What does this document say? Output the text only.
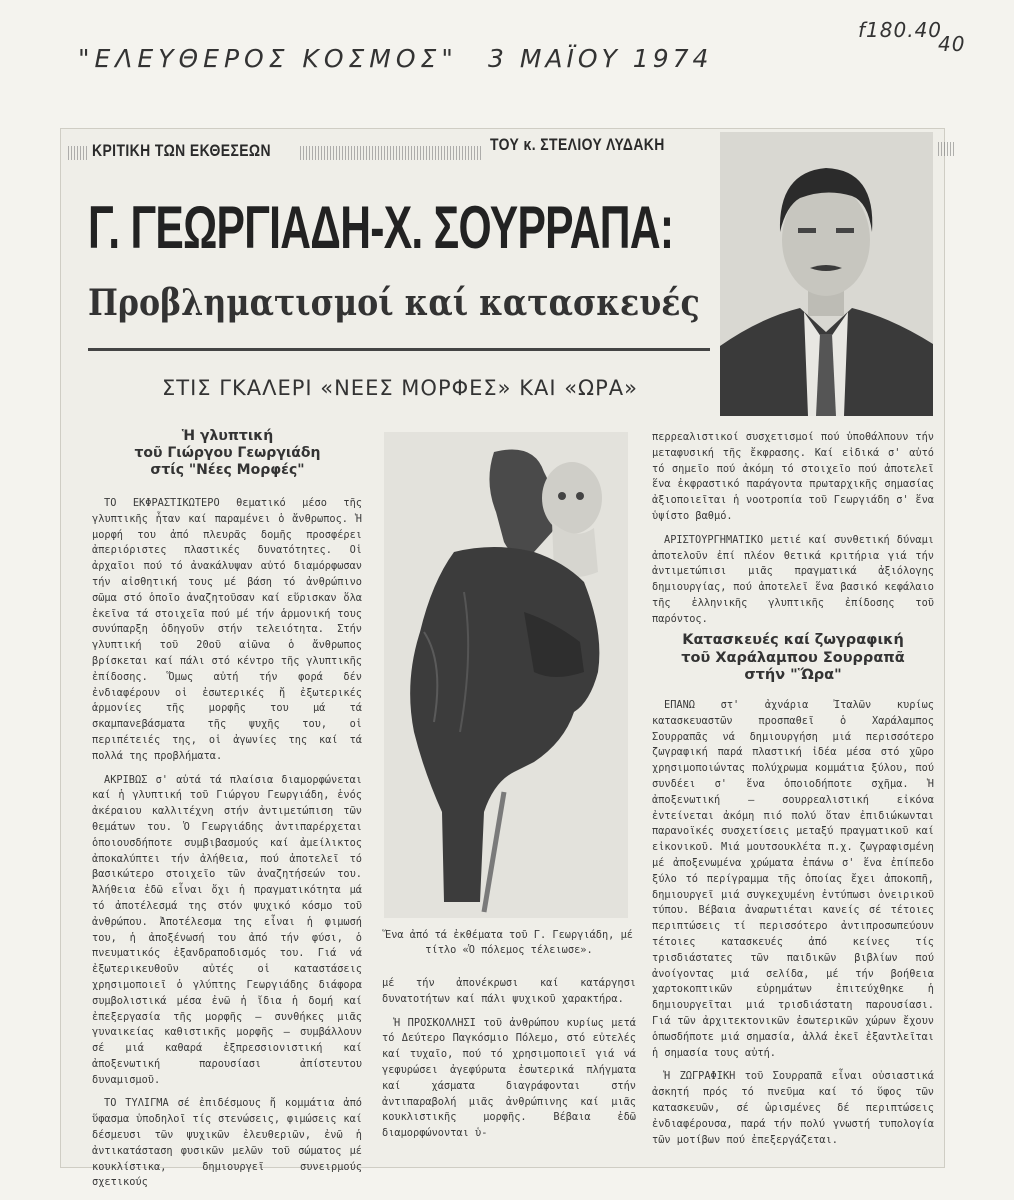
"ΕΛΕΥΘΕΡΟΣ ΚΟΣΜΟΣ" 3 ΜΑΪΟΥ 1974
f180.40
40
ΚΡΙΤΙΚΗ ΤΩΝ ΕΚΘΕΣΕΩΝ	ΤΟΥ κ. ΣΤΕΛΙΟΥ ΛΥΔΑΚΗ
Γ. ΓΕΩΡΓΙΑΔΗ-Χ. ΣΟΥΡΡΑΠΑ:
Προβληματισμοί καί κατασκευές
ΣΤΙΣ ΓΚΑΛΕΡΙ «ΝΕΕΣ ΜΟΡΦΕΣ» ΚΑΙ «ΩΡΑ»
Ἕνα ἀπό τά ἐκθέματα τοῦ Γ. Γεωργιάδη, μέ τίτλο «Ὁ πόλεμος τέλειωσε».
Ἡ γλυπτική
τοῦ Γιώργου Γεωργιάδη
στίς "Νέες Μορφές"

ΤΟ ΕΚΦΡΑΣΤΙΚΩΤΕΡΟ θεματικό μέσο τῆς γλυπτικῆς ἦταν καί παραμένει ὁ ἄνθρωπος. Ἡ μορφή του ἀπό πλευρᾶς δομῆς προσφέρει ἀπεριόριστες πλαστικές δυνατότητες. Οἱ ἀρχαῖοι πού τό ἀνακάλυψαν αὐτό διαμόρφωσαν τήν αἰσθητική τους μέ βάση τό ἀνθρώπινο σῶμα στό ὁποῖο ἀναζητοῦσαν καί εὕρισκαν ὅλα ἐκεῖνα τά στοιχεῖα πού μέ τήν ἁρμονική τους συνύπαρξη ὁδηγοῦν στήν τελειότητα. Στήν γλυπτική τοῦ 20οῦ αἰῶνα ὁ ἄνθρωπος βρίσκεται καί πάλι στό κέντρο τῆς γλυπτικῆς ἐπίδοσης. Ὅμως αὐτή τήν φορά δέν ἐνδιαφέρουν οἱ ἐσωτερικές ἤ ἐξωτερικές ἁρμονίες τῆς μορφῆς του μά τά σκαμπανεβάσματα τῆς ψυχῆς του, οἱ περιπέτειές της, οἱ ἀγωνίες της καί τά πολλά της προβλήματα.

ΑΚΡΙΒΩΣ σ' αὐτά τά πλαίσια διαμορφώνεται καί ἡ γλυπτική τοῦ Γιώργου Γεωργιάδη, ἑνός ἀκέραιου καλλιτέχνη στήν ἀντιμετώπιση τῶν θεμάτων του. Ὁ Γεωργιάδης ἀντιπαρέρχεται ὁποιουσδήποτε συμβιβασμούς καί ἀμείλικτος ἀποκαλύπτει τήν ἀλήθεια, πού ἀποτελεῖ τό βασικώτερο στοιχεῖο τῶν ἀναζητήσεών του. Ἀλήθεια ἐδῶ εἶναι ὄχι ἡ πραγματικότητα μά τό ἀποτέλεσμά της στόν ψυχικό κόσμο τοῦ ἀνθρώπου. Ἀποτέλεσμα της εἶναι ἡ φιμωσή του, ἡ ἀποξένωσή του ἀπό τήν φύσι, ὁ πνευματικός ἐξανδραποδισμός του. Γιά νά ἐξωτερικευθοῦν αὐτές οἱ καταστάσεις χρησιμοποιεῖ ὁ γλύπτης Γεωργιάδης διάφορα συμβολιστικά μέσα ἐνῶ ἡ ἴδια ἡ δομή καί ἐπεξεργασία τῆς μορφῆς — συνθήκες μιᾶς γυναικείας καθιστικῆς μορφῆς — συμβάλλουν σέ μιά καθαρά ἐξπρεσσιονιστική καί ἀποξενωτική παρουσίασι ἀπίστευτου δυναμισμοῦ.

ΤΟ ΤΥΛΙΓΜΑ σέ ἐπιδέσμους ἤ κομμάτια ἀπό ὕφασμα ὑποδηλοῖ τίς στενώσεις, φιμώσεις καί δέσμευσι τῶν ψυχικῶν ἐλευθεριῶν, ἐνῶ ἡ ἀντικατάσταση φυσικῶν μελῶν τοῦ σώματος μέ κουκλίστικα, δημιουργεῖ συνειρμούς σχετικούς

μέ τήν ἀπονέκρωσι καί κατάργησι δυνατοτήτων καί πάλι ψυχικοῦ χαρακτήρα.

Ἡ ΠΡΟΣΚΟΛΛΗΣΙ τοῦ ἀνθρώπου κυρίως μετά τό Δεύτερο Παγκόσμιο Πόλεμο, στό εὐτελές καί τυχαῖο, πού τό χρησιμοποιεῖ γιά νά γεφυρώσει ἀγεφύρωτα ἐσωτερικά πλήγματα καί χάσματα διαγράφονται στήν ἀντιπαραβολή μιᾶς ἀνθρώπινης καί μιᾶς κουκλιστικῆς μορφῆς. Βέβαια ἐδῶ διαμορφώνονται ὑ-

περρεαλιστικοί συσχετισμοί πού ὑποθάλπουν τήν μεταφυσική τῆς ἔκφρασης. Καί εἰδικά σ' αὐτό τό σημεῖο πού ἀκόμη τό στοιχεῖο πού ἀποτελεῖ ἕνα ἐκφραστικό παράγοντα πρωταρχικῆς σημασίας ἀξιοποιεῖται ἡ νοοτροπία τοῦ Γεωργιάδη σ' ἕνα ὑψίστο βαθμό.

ΑΡΙΣΤΟΥΡΓΗΜΑΤΙΚΟ μετιέ καί συνθετική δύναμι ἀποτελοῦν ἐπί πλέον θετικά κριτήρια γιά τήν ἀντιμετώπισι μιᾶς πραγματικά ἀξιόλογης δημιουργίας, πού ἀποτελεῖ ἕνα βασικό κεφάλαιο τῆς ἑλληνικῆς γλυπτικῆς ἐπίδοσης τοῦ παρόντος.

Κατασκευές καί ζωγραφική
τοῦ Χαράλαμπου Σουρραπᾶ
στήν "Ὥρα"

ΕΠΑΝΩ στ' ἀχνάρια Ἰταλῶν κυρίως κατασκευαστῶν προσπαθεῖ ὁ Χαράλαμπος Σουρραπᾶς νά δημιουργήση μιά περισσότερο ζωγραφική παρά πλαστική ἰδέα μέσα στό χῶρο χρησιμοποιώντας πολύχρωμα κομμάτια ξύλου, πού συνδέει σ' ἕνα ὁποιοδήποτε σχῆμα. Ἡ ἀποξενωτική — σουρρεαλιστική εἰκόνα ἐντείνεται ἀκόμη πιό πολύ ὅταν ἐπιδιώκωνται παρανοϊκές συσχετίσεις μεταξύ πραγματικοῦ καί εἰκονικοῦ. Μιά μουτσουκλέτα π.χ. ζωγραφισμένη μέ ἀποξενωμένα χρώματα ἐπάνω σ' ἕνα ἐπίπεδο ξύλο τό περίγραμμα τῆς ὁποίας ἔχει ἀποκοπῆ, δημιουργεῖ μιά συγκεχυμένη ἐντύπωσι ὀνειρικοῦ τύπου. Βέβαια ἀναρωτιέται κανείς σέ τέτοιες περιπτώσεις τί περισσότερο ἀντιπροσωπεύουν τέτοιες κατασκευές ἀπό κείνες τίς τρισδιάστατες τῶν παιδικῶν βιβλίων πού ἀνοίγοντας μιά σελίδα, μέ τήν βοήθεια χαρτοκοπτικῶν εὑρημάτων ἐπιτεύχθηκε ἡ δημιουργεῖται μιά τρισδιάστατη παρουσίασι. Γιά τῶν ἀρχιτεκτονικῶν ἐσωτερικῶν χώρων ἔχουν ὁπωσδήποτε μιά σημασία, ἀλλά ἐκεῖ ἐξαντλεῖται ἡ σημασία τους αὐτή.

Ἡ ΖΩΓΡΑΦΙΚΗ τοῦ Σουρραπᾶ εἶναι οὐσιαστικά ἀσκητή πρός τό πνεῦμα καί τό ὕφος τῶν κατασκευῶν, σέ ὡρισμένες δέ περιπτώσεις ἐνδιαφέρουσα, παρά τήν πολύ γνωστή τυπολογία τῶν μοτίβων πού ἐπεξεργάζεται.
